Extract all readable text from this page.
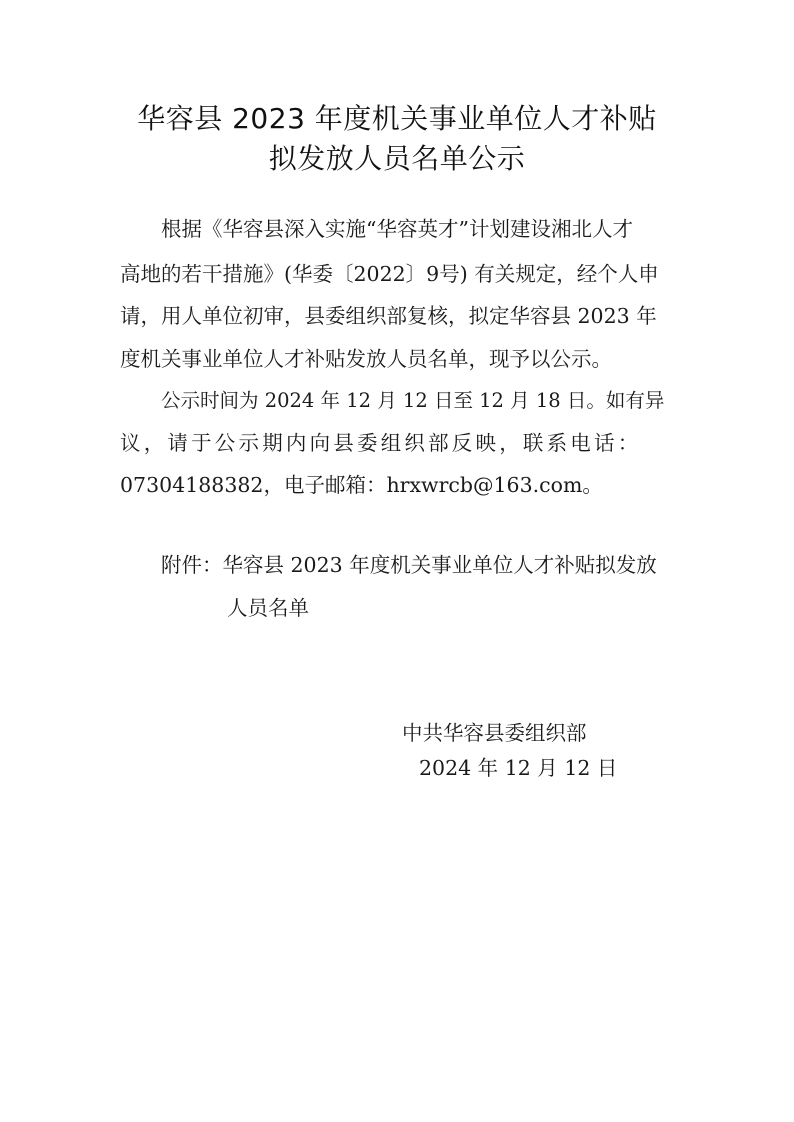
华容县 2023 年度机关事业单位人才补贴
拟发放人员名单公示
根据《华容县深入实施“华容英才”计划建设湘北人才
高地的若干措施》(华委〔2022〕9号) 有关规定，经个人申
请，用人单位初审，县委组织部复核，拟定华容县 2023 年
度机关事业单位人才补贴发放人员名单，现予以公示。
公示时间为 2024 年 12 月 12 日至 12 月 18 日。如有异
议，请于公示期内向县委组织部反映，联系电话：
07304188382，电子邮箱：hrxwrcb@163.com。
附件：华容县 2023 年度机关事业单位人才补贴拟发放
人员名单
中共华容县委组织部
2024 年 12 月 12 日
